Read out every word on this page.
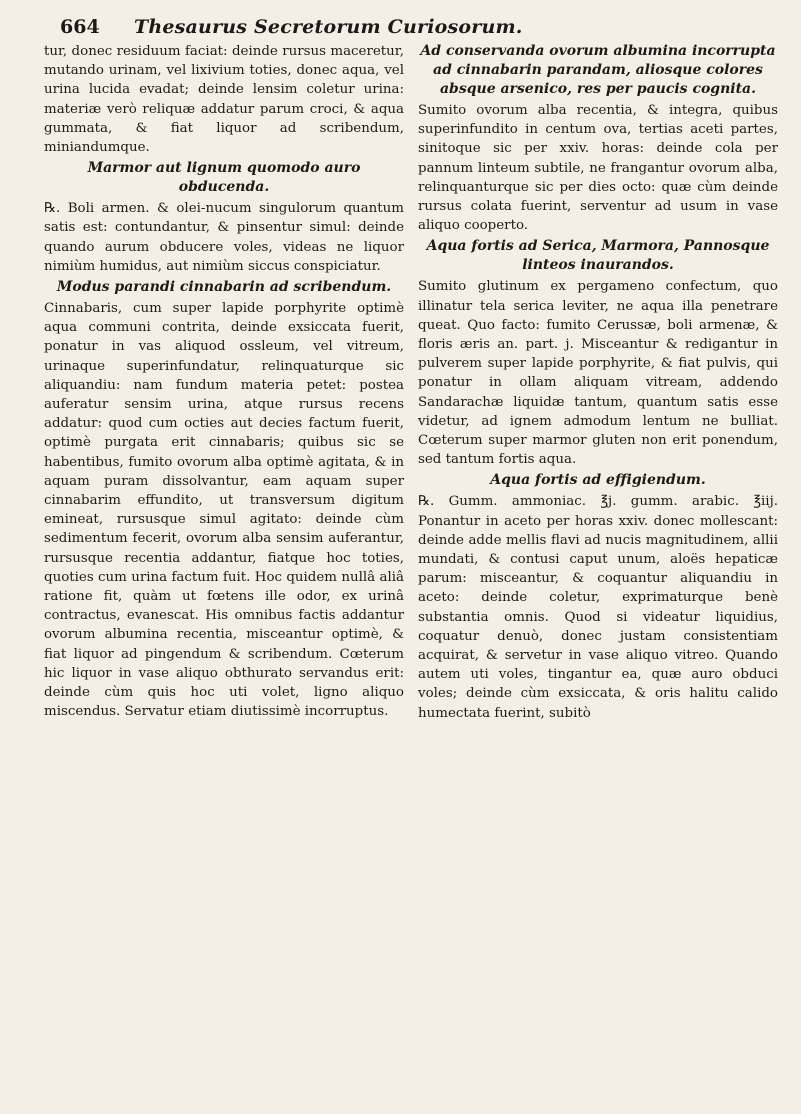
664 Thesaurus Secretorum Curiosorum.

tur, donec residuum faciat: deinde rursus maceretur, mutando urinam, vel lixivium toties, donec aqua, vel urina lucida evadat; deinde lensim coletur urina: materiæ verò reliquæ addatur parum croci, & aqua gummata, & fiat liquor ad scribendum, miniandumque.

Marmor aut lignum quomodo auro obducenda.

℞. Boli armen. & olei-nucum singulorum quantum satis est: contundantur, & pinsentur simul: deinde quando aurum obducere voles, videas ne liquor nimiùm humidus, aut nimiùm siccus conspiciatur.

Modus parandi cinnabarin ad scribendum.

Cinnabaris, cum super lapide porphyrite optimè aqua communi contrita, deinde exsiccata fuerit, ponatur in vas aliquod ossleum, vel vitreum, urinaque superinfundatur, relinquaturque sic aliquandiu: nam fundum materia petet: postea auferatur sensim urina, atque rursus recens addatur: quod cum octies aut decies factum fuerit, optimè purgata erit cinnabaris; quibus sic se habentibus, fumito ovorum alba optimè agitata, & in aquam puram dissolvantur, eam aquam super cinnabarim effundito, ut transversum digitum emineat, rursusque simul agitato: deinde cùm sedimentum fecerit, ovorum alba sensim auferantur, rursusque recentia addantur, fiatque hoc toties, quoties cum urina factum fuit. Hoc quidem nullâ aliâ ratione fit, quàm ut fœtens ille odor, ex urinâ contractus, evanescat. His omnibus factis addantur ovorum albumina recentia, misceantur optimè, & fiat liquor ad pingendum & scribendum. Cœterum hic liquor in vase aliquo obthurato servandus erit: deinde cùm quis hoc uti volet, ligno aliquo miscendus. Servatur etiam diutissimè incorruptus.

Ad conservanda ovorum albumina incorrupta ad cinnabarin parandam, aliosque colores absque arsenico, res per paucis cognita.

Sumito ovorum alba recentia, & integra, quibus superinfundito in centum ova, tertias aceti partes, sinitoque sic per xxiv. horas: deinde cola per pannum linteum subtile, ne frangantur ovorum alba, relinquanturque sic per dies octo: quæ cùm deinde rursus colata fuerint, serventur ad usum in vase aliquo cooperto.

Aqua fortis ad Serica, Marmora, Pannosque linteos inaurandos.

Sumito glutinum ex pergameno confectum, quo illinatur tela serica leviter, ne aqua illa penetrare queat. Quo facto: fumito Cerussæ, boli armenæ, & floris æris an. part. j. Misceantur & redigantur in pulverem super lapide porphyrite, & fiat pulvis, qui ponatur in ollam aliquam vitream, addendo Sandarachæ liquidæ tantum, quantum satis esse videtur, ad ignem admodum lentum ne bulliat. Cœterum super marmor gluten non erit ponendum, sed tantum fortis aqua.

Aqua fortis ad effigiendum.

℞. Gumm. ammoniac. ℥j. gumm. arabic. ℥iij. Ponantur in aceto per horas xxiv. donec mollescant: deinde adde mellis flavi ad nucis magnitudinem, allii mundati, & contusi caput unum, aloës hepaticæ parum: misceantur, & coquantur aliquandiu in aceto: deinde coletur, exprimaturque benè substantia omnis. Quod si videatur liquidius, coquatur denuò, donec justam consistentiam acquirat, & servetur in vase aliquo vitreo. Quando autem uti voles, tingantur ea, quæ auro obduci voles; deinde cùm exsiccata, & oris halitu calido humectata fuerint, subitò
